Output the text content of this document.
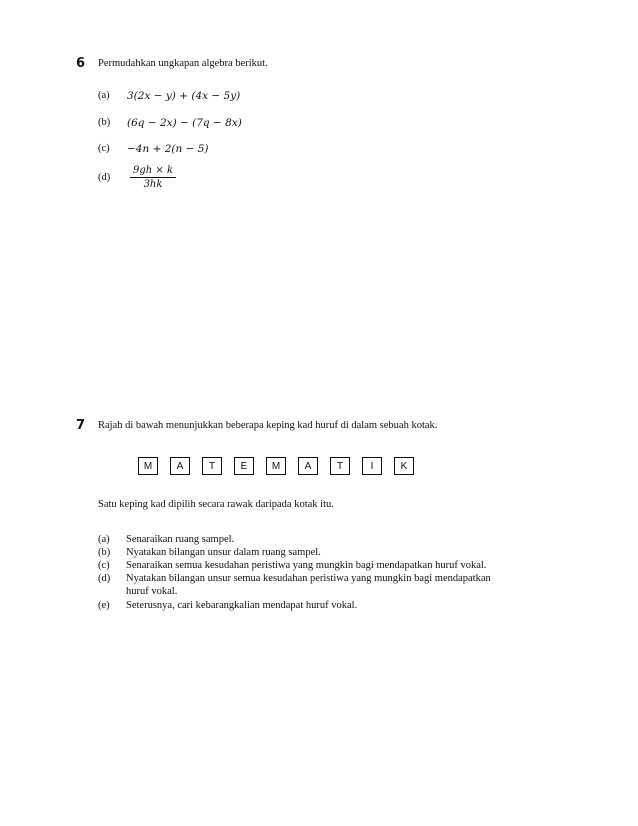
6 Permudahkan ungkapan algebra berikut.
(a) 3(2x − y) + (4x − 5y)
(b) (6q − 2x) − (7q − 8x)
(c) −4n + 2(n − 5)
(d)
9gh × k
3hk
7 Rajah di bawah menunjukkan beberapa keping kad huruf di dalam sebuah kotak.
M	A	T	E	M	A	T	I	K
Satu keping kad dipilih secara rawak daripada kotak itu.
(a) Senaraikan ruang sampel.
(b)Nyatakan bilangan unsur dalam ruang sampel.
(c) Senaraikan semua kesudahan peristiwa yang mungkin bagi mendapatkan huruf vokal.
(d) Nyatakan bilangan unsur semua kesudahan peristiwa yang mungkin bagi mendapatkan
huruf vokal.
(e) Seterusnya, cari kebarangkalian mendapat huruf vokal.
